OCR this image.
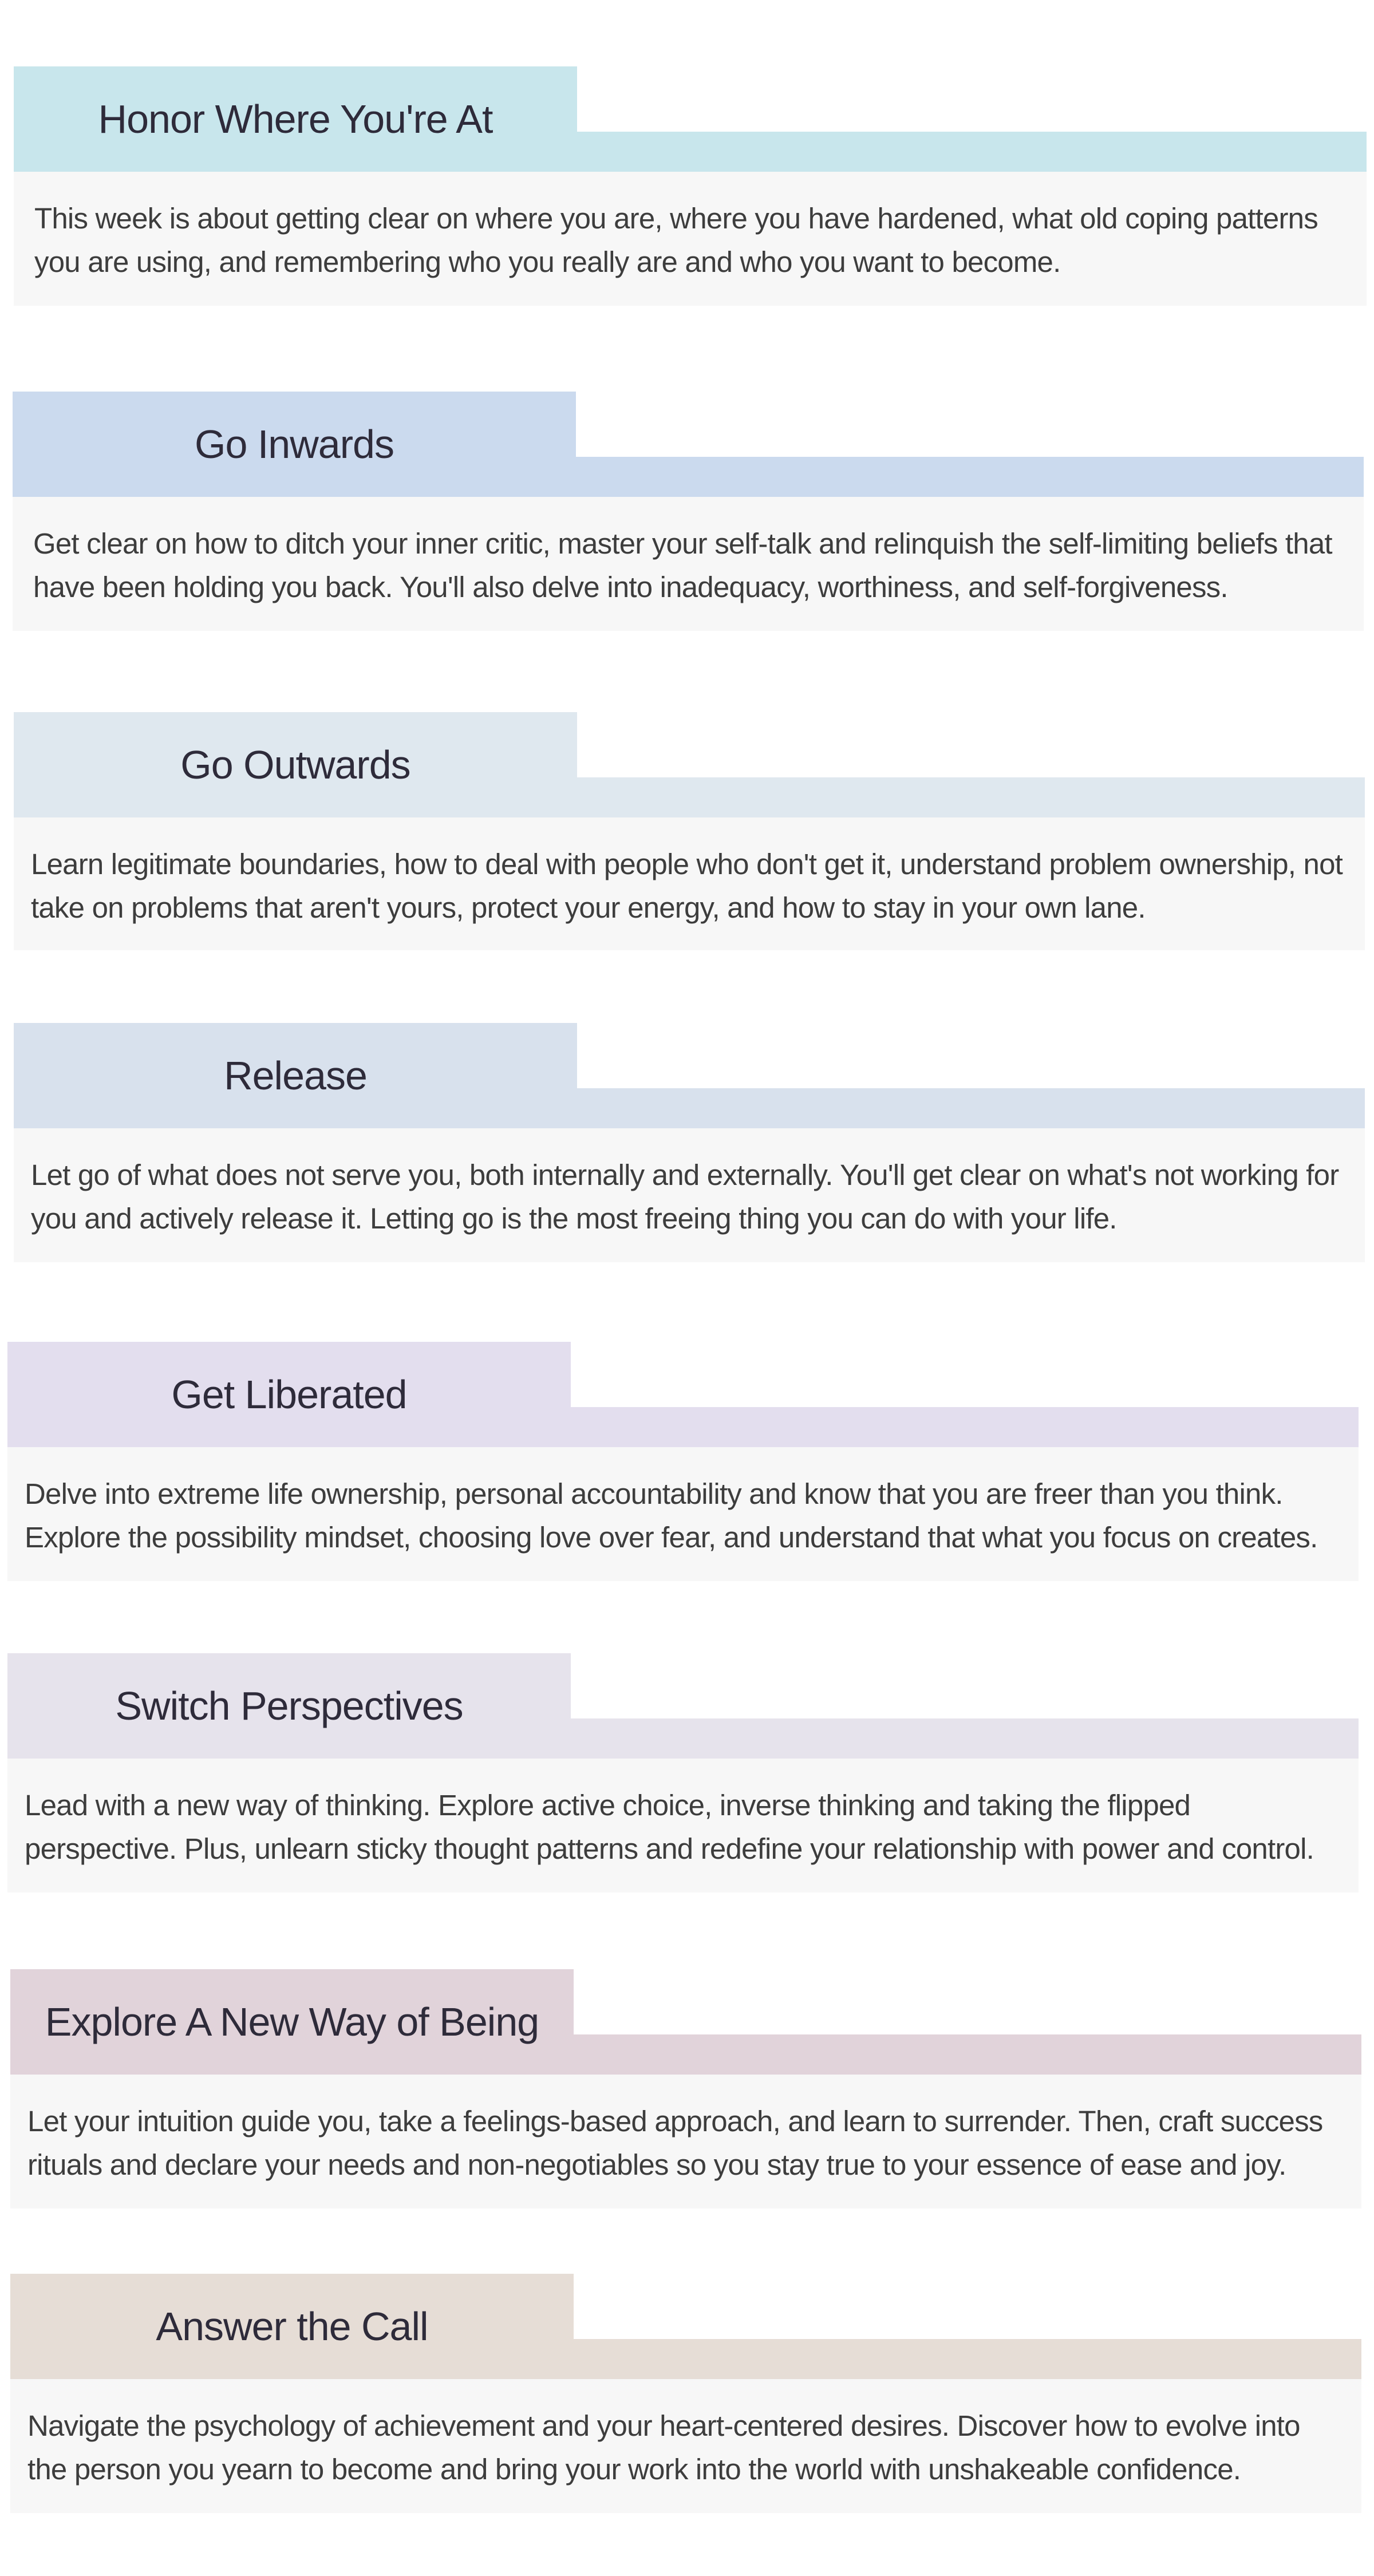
Honor Where You're At

This week is about getting clear on where you are, where you have hardened, what old coping patterns you are using, and remembering who you really are and who you want to become.

Go Inwards

Get clear on how to ditch your inner critic, master your self-talk and relinquish the self-limiting beliefs that have been holding you back. You'll also delve into inadequacy, worthiness, and self-forgiveness.

Go Outwards

Learn legitimate boundaries, how to deal with people who don't get it, understand problem ownership, not take on problems that aren't yours, protect your energy, and how to stay in your own lane.

Release

Let go of what does not serve you, both internally and externally. You'll get clear on what's not working for you and actively release it. Letting go is the most freeing thing you can do with your life.

Get Liberated

Delve into extreme life ownership, personal accountability and know that you are freer than you think. Explore the possibility mindset, choosing love over fear, and understand that what you focus on creates.

Switch Perspectives

Lead with a new way of thinking. Explore active choice, inverse thinking and taking the flipped perspective. Plus, unlearn sticky thought patterns and redefine your relationship with power and control.

Explore A New Way of Being

Let your intuition guide you, take a feelings-based approach, and learn to surrender. Then, craft success rituals and declare your needs and non-negotiables so you stay true to your essence of ease and joy.

Answer the Call

Navigate the psychology of achievement and your heart-centered desires. Discover how to evolve into the person you yearn to become and bring your work into the world with unshakeable confidence.
